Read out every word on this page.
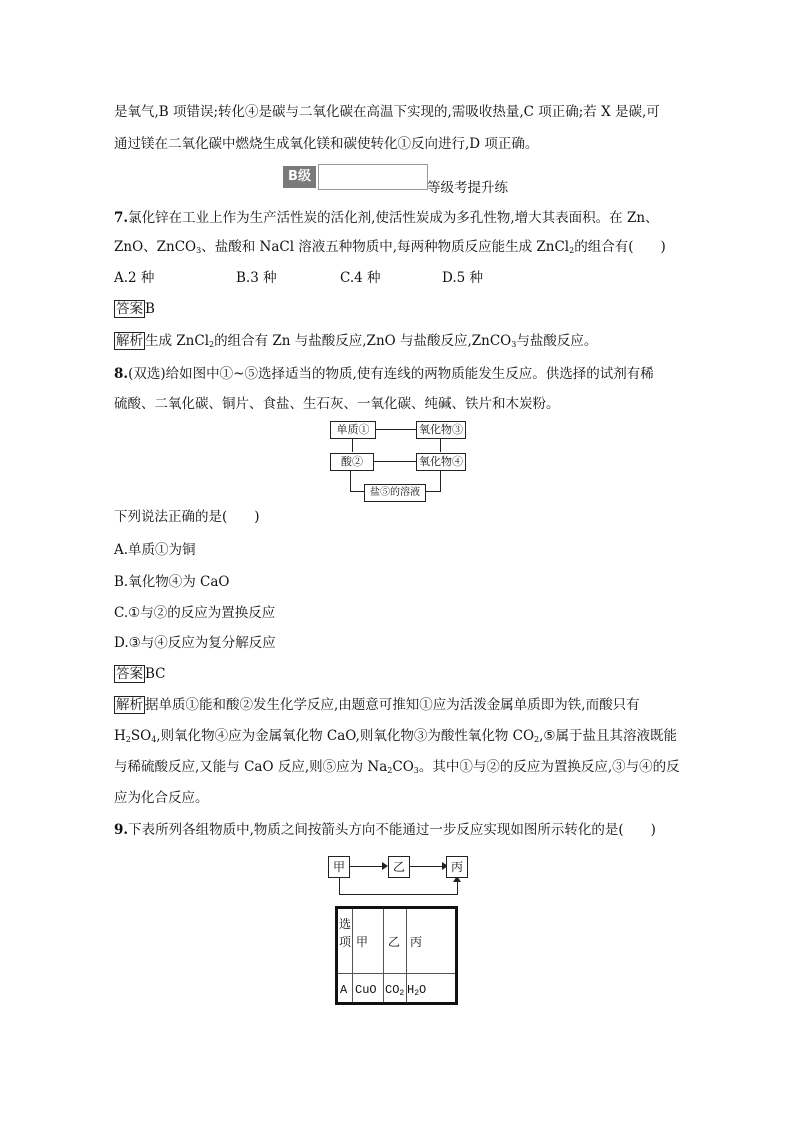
是氧气,B 项错误;转化④是碳与二氧化碳在高温下实现的,需吸收热量,C 项正确;若 X 是碳,可
通过镁在二氧化碳中燃烧生成氧化镁和碳使转化①反向进行,D 项正确。
B级
等级考提升练
7.氯化锌在工业上作为生产活性炭的活化剂,使活性炭成为多孔性物,增大其表面积。在 Zn、
ZnO、ZnCO$_3$、盐酸和 NaCl 溶液五种物质中,每两种物质反应能生成 ZnCl$_2$的组合有(　　)
A.2 种	B.3 种	C.4 种	D.5 种
答案 B
解析 生成 ZnCl$_2$的组合有 Zn 与盐酸反应,ZnO 与盐酸反应,ZnCO$_3$与盐酸反应。
8.(双选)给如图中①~⑤选择适当的物质,使有连线的两物质能发生反应。供选择的试剂有稀
硫酸、二氧化碳、铜片、食盐、生石灰、一氧化碳、纯碱、铁片和木炭粉。
单质①	氧化物③
酸②	氧化物④
盐⑤的溶液
下列说法正确的是(　　)
A.单质①为铜
B.氧化物④为 CaO
C.①与②的反应为置换反应
D.③与④反应为复分解反应
答案 BC
解析 据单质①能和酸②发生化学反应,由题意可推知①应为活泼金属单质即为铁,而酸只有
$H_2SO_4$,则氧化物④应为金属氧化物 CaO,则氧化物③为酸性氧化物 $CO_2,⑤$属于盐且其溶液既能
与稀硫酸反应,又能与 CaO 反应,则⑤应为 $Na_2CO_3$。其中①与②的反应为置换反应,③与④的反
应为化合反应。
9.下表所列各组物质中,物质之间按箭头方向不能通过一步反应实现如图所示转化的是(　　)
甲	乙	丙
选项 甲 乙 丙
A CuO $CO_2$ $H_2O$
